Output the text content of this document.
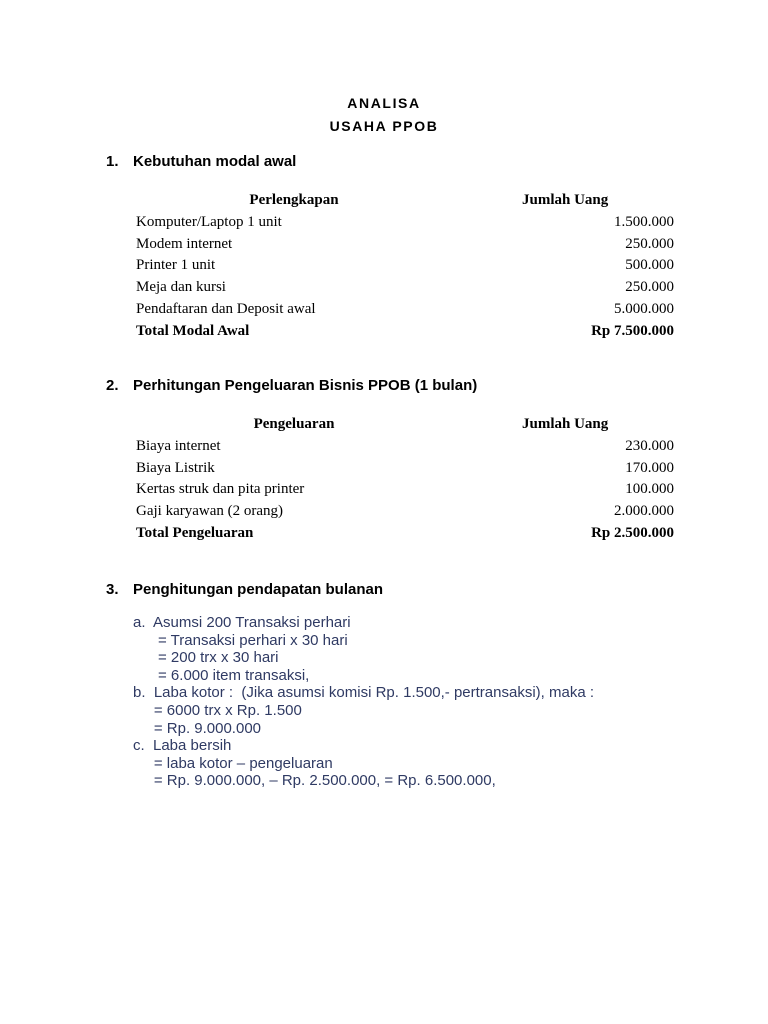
ANALISA
USAHA PPOB
1. Kebutuhan modal awal
Perlengkapan	Jumlah Uang
Komputer/Laptop 1 unit	1.500.000
Modem internet	250.000
Printer 1 unit	500.000
Meja dan kursi	250.000
Pendaftaran dan Deposit awal	5.000.000
Total Modal Awal	Rp 7.500.000
2. Perhitungan Pengeluaran Bisnis PPOB (1 bulan)
Pengeluaran	Jumlah Uang
Biaya internet	230.000
Biaya Listrik	170.000
Kertas struk dan pita printer	100.000
Gaji karyawan (2 orang)	2.000.000
Total Pengeluaran	Rp 2.500.000
3. Penghitungan pendapatan bulanan
a.  Asumsi 200 Transaksi perhari
= Transaksi perhari x 30 hari
= 200 trx x 30 hari
= 6.000 item transaksi,
b.  Laba kotor :  (Jika asumsi komisi Rp. 1.500,- pertransaksi), maka :
= 6000 trx x Rp. 1.500
= Rp. 9.000.000
c.  Laba bersih
= laba kotor – pengeluaran
= Rp. 9.000.000, – Rp. 2.500.000, = Rp. 6.500.000,
